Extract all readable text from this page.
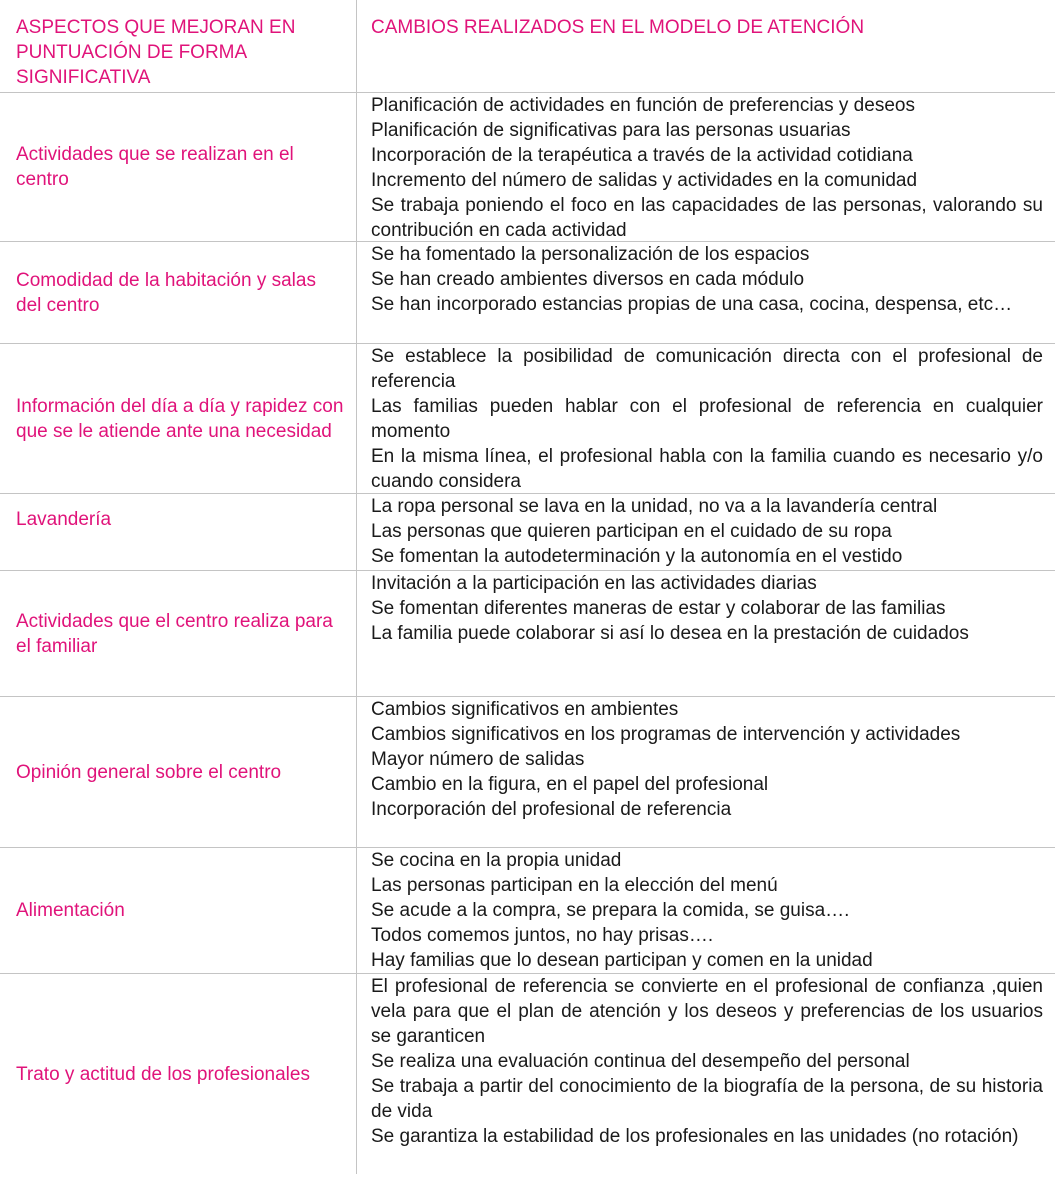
ASPECTOS QUE MEJORAN EN PUNTUACIÓN DE FORMA SIGNIFICATIVA
CAMBIOS REALIZADOS EN EL MODELO DE ATENCIÓN
Actividades que se realizan en el centro
Planificación de actividades en función de preferencias y deseos
Planificación de significativas para las personas usuarias
Incorporación de la terapéutica a través de la actividad cotidiana
Incremento del número de salidas y actividades en la comunidad
Se trabaja poniendo el foco en las capacidades de las personas, valorando su contribución en cada actividad
Comodidad de la habitación y salas del centro
Se ha fomentado la personalización de los espacios
Se han creado ambientes diversos en cada módulo
Se han incorporado estancias propias de una casa, cocina, despensa, etc…
Información del día a día y rapidez con que se le atiende ante una necesidad
Se establece la posibilidad de comunicación directa con el profesional de referencia
Las familias pueden hablar con el profesional de referencia en cualquier momento
En la misma línea, el profesional habla con la familia cuando es necesario y/o cuando considera
Lavandería
La ropa personal se lava en la unidad, no va a la lavandería central
Las personas que quieren participan en el cuidado de su ropa
Se fomentan la autodeterminación y la autonomía en el vestido
Actividades que el centro realiza para el familiar
Invitación a la participación en las actividades diarias
Se fomentan diferentes maneras de estar y colaborar de las familias
La familia puede colaborar si así lo desea en la prestación de cuidados
Opinión general sobre el centro
Cambios significativos en ambientes
Cambios significativos en los programas de intervención y actividades
Mayor número de salidas
Cambio en la figura, en el papel del profesional
Incorporación del profesional de referencia
Alimentación
Se cocina en la propia unidad
Las personas participan en la elección del menú
Se acude a la compra, se prepara la comida, se guisa….
Todos comemos juntos, no hay prisas….
Hay familias que lo desean participan y comen en la unidad
Trato y actitud de los profesionales
El profesional de referencia se convierte en el profesional de confianza ,quien vela para que el plan de atención y los deseos y preferencias de los usuarios se garanticen
Se realiza una evaluación continua del desempeño del personal
Se trabaja a partir del conocimiento de la biografía de la persona, de su historia de vida
Se garantiza la estabilidad de los profesionales en las unidades (no rotación)
